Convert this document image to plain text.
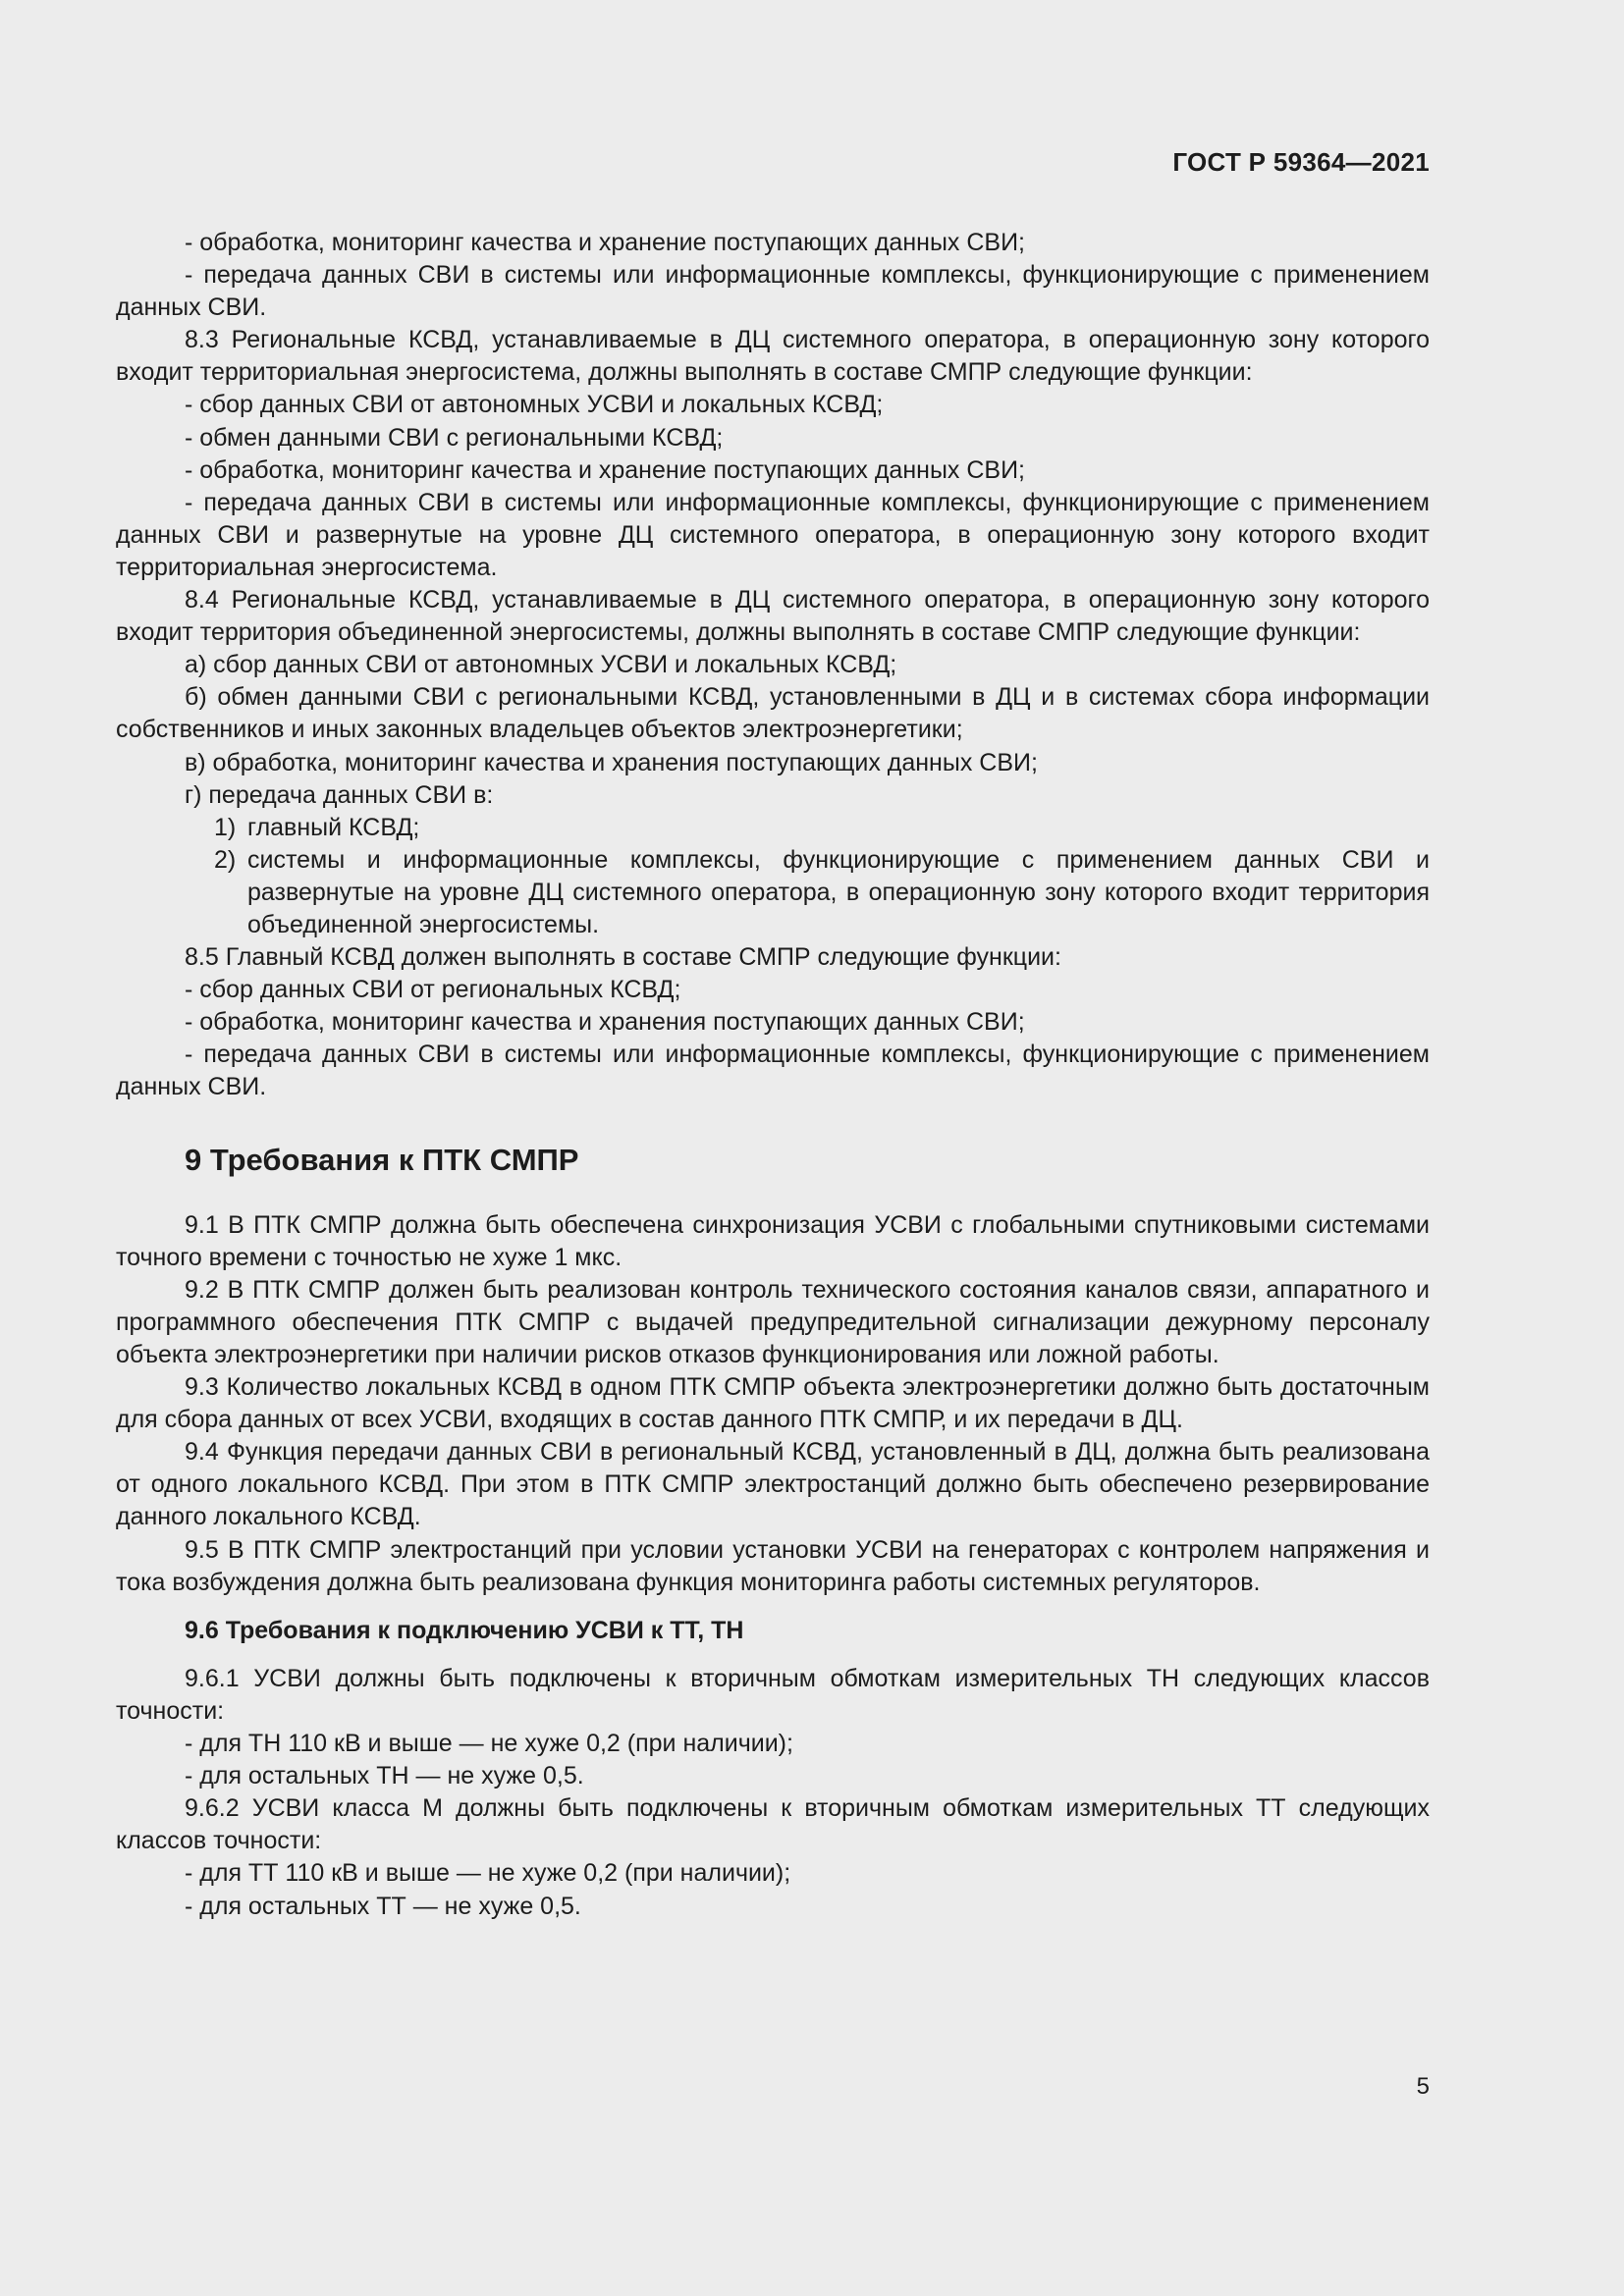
ГОСТ Р 59364—2021

- обработка, мониторинг качества и хранение поступающих данных СВИ;

- передача данных СВИ в системы или информационные комплексы, функционирующие с применением данных СВИ.

8.3 Региональные КСВД, устанавливаемые в ДЦ системного оператора, в операционную зону которого входит территориальная энергосистема, должны выполнять в составе СМПР следующие функции:

- сбор данных СВИ от автономных УСВИ и локальных КСВД;

- обмен данными СВИ с региональными КСВД;

- обработка, мониторинг качества и хранение поступающих данных СВИ;

- передача данных СВИ в системы или информационные комплексы, функционирующие с применением данных СВИ и развернутые на уровне ДЦ системного оператора, в операционную зону которого входит территориальная энергосистема.

8.4 Региональные КСВД, устанавливаемые в ДЦ системного оператора, в операционную зону которого входит территория объединенной энергосистемы, должны выполнять в составе СМПР следующие функции:

а) сбор данных СВИ от автономных УСВИ и локальных КСВД;

б) обмен данными СВИ с региональными КСВД, установленными в ДЦ и в системах сбора информации собственников и иных законных владельцев объектов электроэнергетики;

в) обработка, мониторинг качества и хранения поступающих данных СВИ;

г) передача данных СВИ в:

1) главный КСВД;

2) системы и информационные комплексы, функционирующие с применением данных СВИ и развернутые на уровне ДЦ системного оператора, в операционную зону которого входит территория объединенной энергосистемы.

8.5 Главный КСВД должен выполнять в составе СМПР следующие функции:

- сбор данных СВИ от региональных КСВД;

- обработка, мониторинг качества и хранения поступающих данных СВИ;

- передача данных СВИ в системы или информационные комплексы, функционирующие с применением данных СВИ.

9 Требования к ПТК СМПР

9.1 В ПТК СМПР должна быть обеспечена синхронизация УСВИ с глобальными спутниковыми системами точного времени с точностью не хуже 1 мкс.

9.2 В ПТК СМПР должен быть реализован контроль технического состояния каналов связи, аппаратного и программного обеспечения ПТК СМПР с выдачей предупредительной сигнализации дежурному персоналу объекта электроэнергетики при наличии рисков отказов функционирования или ложной работы.

9.3 Количество локальных КСВД в одном ПТК СМПР объекта электроэнергетики должно быть достаточным для сбора данных от всех УСВИ, входящих в состав данного ПТК СМПР, и их передачи в ДЦ.

9.4 Функция передачи данных СВИ в региональный КСВД, установленный в ДЦ, должна быть реализована от одного локального КСВД. При этом в ПТК СМПР электростанций должно быть обеспечено резервирование данного локального КСВД.

9.5 В ПТК СМПР электростанций при условии установки УСВИ на генераторах с контролем напряжения и тока возбуждения должна быть реализована функция мониторинга работы системных регуляторов.

9.6 Требования к подключению УСВИ к ТТ, ТН

9.6.1 УСВИ должны быть подключены к вторичным обмоткам измерительных ТН следующих классов точности:

- для ТН 110 кВ и выше — не хуже 0,2 (при наличии);

- для остальных ТН — не хуже 0,5.

9.6.2 УСВИ класса М должны быть подключены к вторичным обмоткам измерительных ТТ следующих классов точности:

- для ТТ 110 кВ и выше — не хуже 0,2 (при наличии);

- для остальных ТТ — не хуже 0,5.

5
